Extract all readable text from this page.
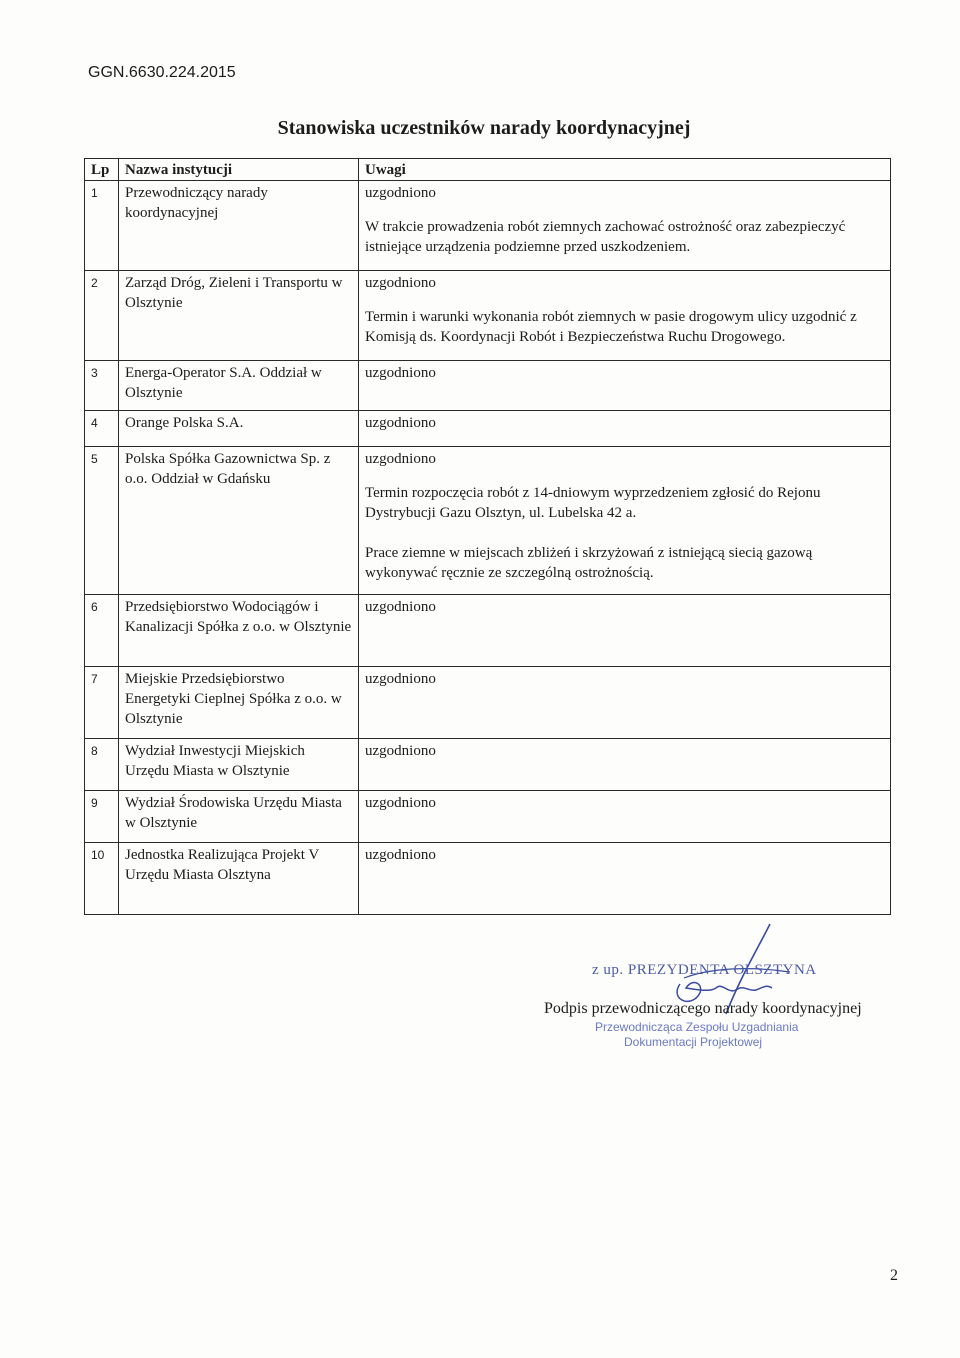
GGN.6630.224.2015
Stanowiska uczestników narady koordynacyjnej
Lp	Nazwa instytucji	Uwagi
1	Przewodniczący narady koordynacyjnej	uzgodniono
W trakcie prowadzenia robót ziemnych zachować ostrożność oraz zabezpieczyć istniejące urządzenia podziemne przed uszkodzeniem.

2	Zarząd Dróg, Zieleni i Transportu w Olsztynie	uzgodniono
Termin i warunki wykonania robót ziemnych w pasie drogowym ulicy uzgodnić z Komisją ds. Koordynacji Robót i Bezpieczeństwa Ruchu Drogowego.

3	Energa-Operator S.A. Oddział w Olsztynie	uzgodniono

4	Orange Polska S.A.	uzgodniono

5	Polska Spółka Gazownictwa Sp. z o.o. Oddział w Gdańsku	uzgodniono
Termin rozpoczęcia robót z 14-dniowym wyprzedzeniem zgłosić do Rejonu Dystrybucji Gazu Olsztyn, ul. Lubelska 42 a.
Prace ziemne w miejscach zbliżeń i skrzyżowań z istniejącą siecią gazową wykonywać ręcznie ze szczególną ostrożnością.

6	Przedsiębiorstwo Wodociągów i Kanalizacji Spółka z o.o. w Olsztynie	uzgodniono

7	Miejskie Przedsiębiorstwo Energetyki Cieplnej Spółka z o.o. w Olsztynie	uzgodniono

8	Wydział Inwestycji Miejskich Urzędu Miasta w Olsztynie	uzgodniono

9	Wydział Środowiska Urzędu Miasta w Olsztynie	uzgodniono

10	Jednostka Realizująca Projekt V Urzędu Miasta Olsztyna	uzgodniono
z up. PREZYDENTA OLSZTYNA
Podpis przewodniczącego narady koordynacyjnej
Przewodnicząca Zespołu Uzgadniania
Dokumentacji Projektowej
2
